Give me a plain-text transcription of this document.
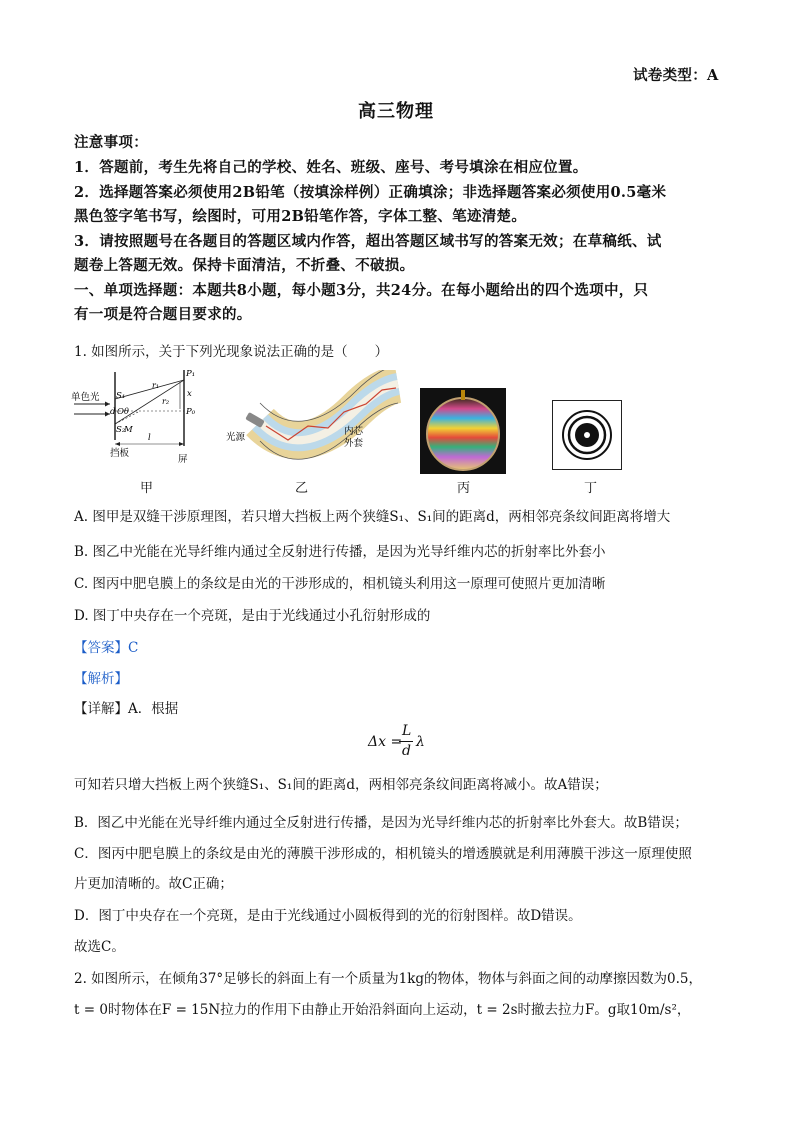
试卷类型：A
高三物理
注意事项：
1．答题前，考生先将自己的学校、姓名、班级、座号、考号填涂在相应位置。
2．选择题答案必须使用2B铅笔（按填涂样例）正确填涂；非选择题答案必须使用0.5毫米
黑色签字笔书写，绘图时，可用2B铅笔作答，字体工整、笔迹清楚。
3．请按照题号在各题目的答题区域内作答，超出答题区域书写的答案无效；在草稿纸、试
题卷上答题无效。保持卡面清洁，不折叠、不破损。
一、单项选择题：本题共8小题，每小题3分，共24分。在每小题给出的四个选项中，只
有一项是符合题目要求的。
1. 如图所示，关于下列光现象说法正确的是（　　）
单色光 S₁
S₂
M
d O θ
r₁
r₂
P₁
P₀
x
l
挡板
屏
甲
光源
内芯
外套
乙	丙	丁
A. 图甲是双缝干涉原理图，若只增大挡板上两个狭缝S₁、S₁间的距离d，两相邻亮条纹间距离将增大
B. 图乙中光能在光导纤维内通过全反射进行传播，是因为光导纤维内芯的折射率比外套小
C. 图丙中肥皂膜上的条纹是由光的干涉形成的，相机镜头利用这一原理可使照片更加清晰
D. 图丁中央存在一个亮斑，是由于光线通过小孔衍射形成的
【答案】C
【解析】
【详解】A．根据
Δx =
L
d
λ
可知若只增大挡板上两个狭缝S₁、S₁间的距离d，两相邻亮条纹间距离将减小。故A错误；
B．图乙中光能在光导纤维内通过全反射进行传播，是因为光导纤维内芯的折射率比外套大。故B错误；
C．图丙中肥皂膜上的条纹是由光的薄膜干涉形成的，相机镜头的增透膜就是利用薄膜干涉这一原理使照
片更加清晰的。故C正确；
D．图丁中央存在一个亮斑，是由于光线通过小圆板得到的光的衍射图样。故D错误。
故选C。
2. 如图所示，在倾角37°足够长的斜面上有一个质量为1kg的物体，物体与斜面之间的动摩擦因数为0.5，
t = 0时物体在F = 15N拉力的作用下由静止开始沿斜面向上运动，t = 2s时撤去拉力F。g取10m/s²，
